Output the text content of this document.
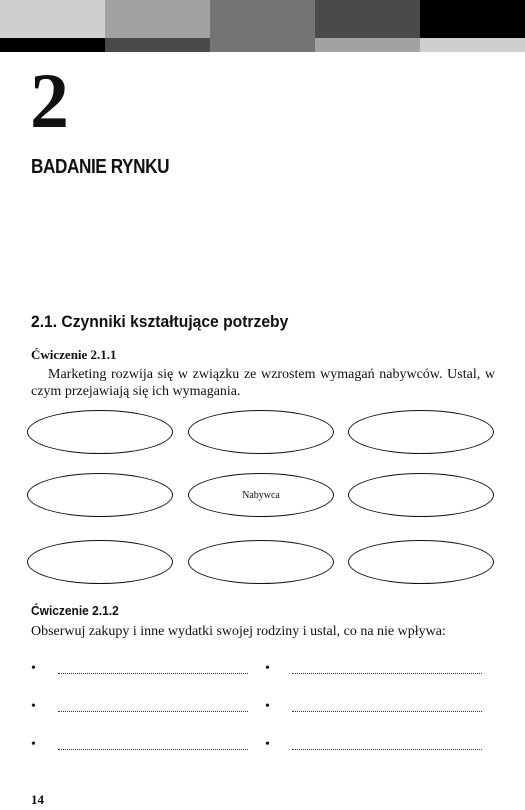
2
BADANIE RYNKU
2.1. Czynniki kształtujące potrzeby
Ćwiczenie 2.1.1
Marketing rozwija się w związku ze wzrostem wymagań nabywców. Ustal, w czym przejawiają się ich wymagania.
Nabywca
Ćwiczenie 2.1.2
Obserwuj zakupy i inne wydatki swojej rodziny i ustal, co na nie wpływa:
•	•
•	•
•	•
14
